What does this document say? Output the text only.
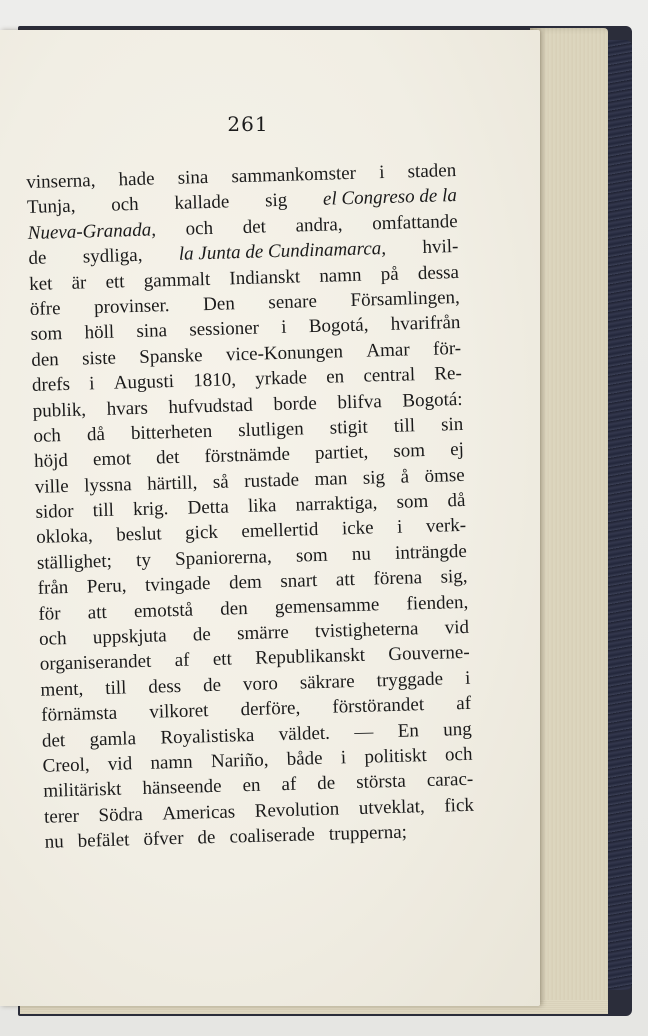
261
vinserna, hade sina sammankomster i staden
Tunja, och kallade sig el Congreso de la
Nueva-Granada, och det andra, omfattande
de sydliga, la Junta de Cundinamarca, hvil-
ket är ett gammalt Indianskt namn på dessa
öfre provinser. Den senare Församlingen,
som höll sina sessioner i Bogotá, hvarifrån
den siste Spanske vice-Konungen Amar för-
drefs i Augusti 1810, yrkade en central Re-
publik, hvars hufvudstad borde blifva Bogotá:
och då bitterheten slutligen stigit till sin
höjd emot det förstnämde partiet, som ej
ville lyssna härtill, så rustade man sig å ömse
sidor till krig. Detta lika narraktiga, som då
okloka, beslut gick emellertid icke i verk-
ställighet; ty Spaniorerna, som nu inträngde
från Peru, tvingade dem snart att förena sig,
för att emotstå den gemensamme fienden,
och uppskjuta de smärre tvistigheterna vid
organiserandet af ett Republikanskt Gouverne-
ment, till dess de voro säkrare tryggade i
förnämsta vilkoret derföre, förstörandet af
det gamla Royalistiska väldet. — En ung
Creol, vid namn Nariño, både i politiskt och
militäriskt hänseende en af de största carac-
terer Södra Americas Revolution utveklat, fick
nu befälet öfver de coaliserade trupperna;
